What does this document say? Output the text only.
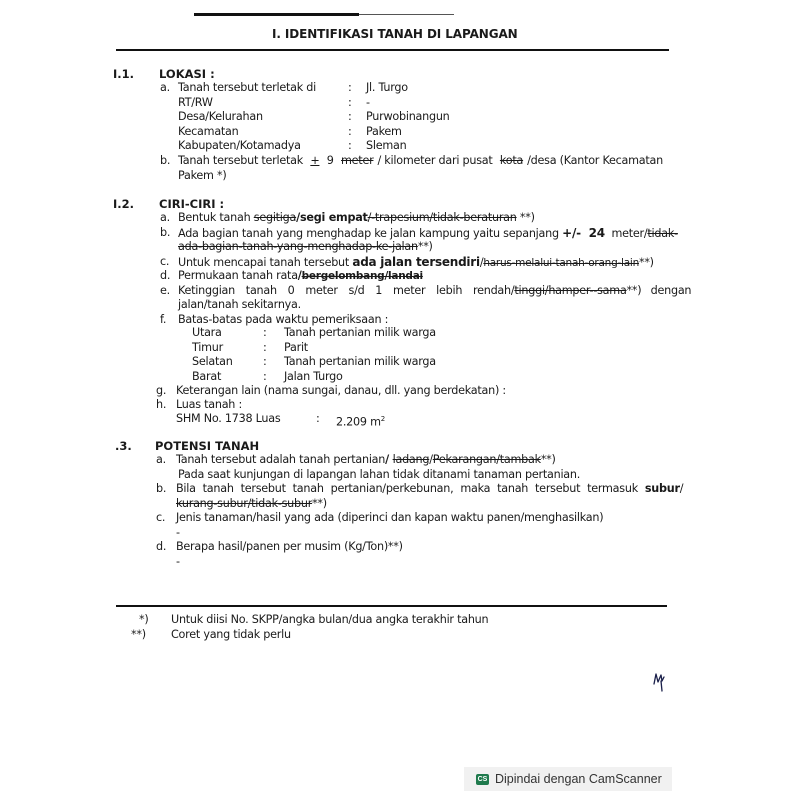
I. IDENTIFIKASI TANAH DI LAPANGAN
I.1. LOKASI :
a. Tanah tersebut terletak di	: Jl. Turgo
RT/RW	: -
Desa/Kelurahan	: Purwobinangun
Kecamatan	: Pakem
Kabupaten/Kotamadya	: Sleman
b. Tanah tersebut terletak + 9 meter / kilometer dari pusat kota /desa (Kantor Kecamatan
Pakem *)
I.2. CIRI-CIRI :
a. Bentuk tanah segitiga/segi empat/-trapesium/tidak-beraturan **)
b. Ada bagian tanah yang menghadap ke jalan kampung yaitu sepanjang +/-  24  meter/tidak-
ada-bagian-tanah-yang-menghadap-ke-jalan**)
c. Untuk mencapai tanah tersebut ada jalan tersendiri/harus-melalui-tanah-orang-lain**)
d. Permukaan tanah rata/bergelombang/landai
e. Ketinggian tanah 0 meter s/d 1 meter lebih rendah/ tinggi/hamper--sama **) dengan
jalan/tanah sekitarnya.
f. Batas-batas pada waktu pemeriksaan :
Utara	: Tanah pertanian milik warga
Timur	: Parit
Selatan	: Tanah pertanian milik warga
Barat	: Jalan Turgo
g. Keterangan lain (nama sungai, danau, dll. yang berdekatan) :
h. Luas tanah :
SHM No. 1738 Luas	: 2.209 $m^2$
.3. POTENSI TANAH
a. Tanah tersebut adalah tanah pertanian/ ladang/Pekarangan/tambak**)
Pada saat kunjungan di lapangan lahan tidak ditanami tanaman pertanian.
b. Bila tanah tersebut tanah pertanian/perkebunan, maka tanah tersebut termasuk subur /
kurang-subur/tidak-subur**)
c. Jenis tanaman/hasil yang ada (diperinci dan kapan waktu panen/menghasilkan)
-
d. Berapa hasil/panen per musim (Kg/Ton)**)
-
*) Untuk diisi No. SKPP/angka bulan/dua angka terakhir tahun
**) Coret yang tidak perlu
CS Dipindai dengan CamScanner
